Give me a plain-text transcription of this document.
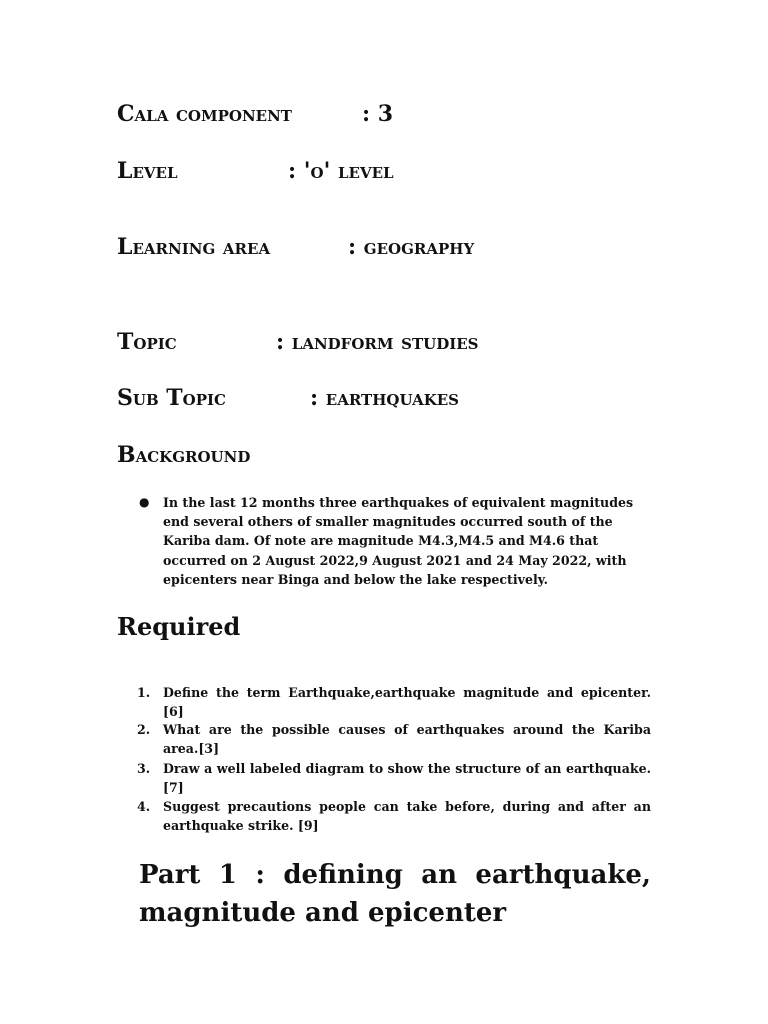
Cala component	: 3
Level	: 'o' level
Learning area	: geography
Topic	: landform studies
Sub Topic	: earthquakes
Background
● In the last 12 months three earthquakes of equivalent magnitudes end several others of smaller magnitudes occurred south of the Kariba dam. Of note are magnitude M4.3,M4.5 and M4.6 that occurred on 2 August 2022,9 August 2021 and 24 May 2022, with epicenters near Binga and below the lake respectively.
Required
1.	Define the term Earthquake,earthquake magnitude and epicenter. [6]
2.	What are the possible causes of earthquakes around the Kariba area.[3]
3.	Draw a well labeled diagram to show the structure of an earthquake.[7]
4.	Suggest precautions people can take before, during and after an earthquake strike. [9]
Part 1 : defining an earthquake,
magnitude and epicenter
